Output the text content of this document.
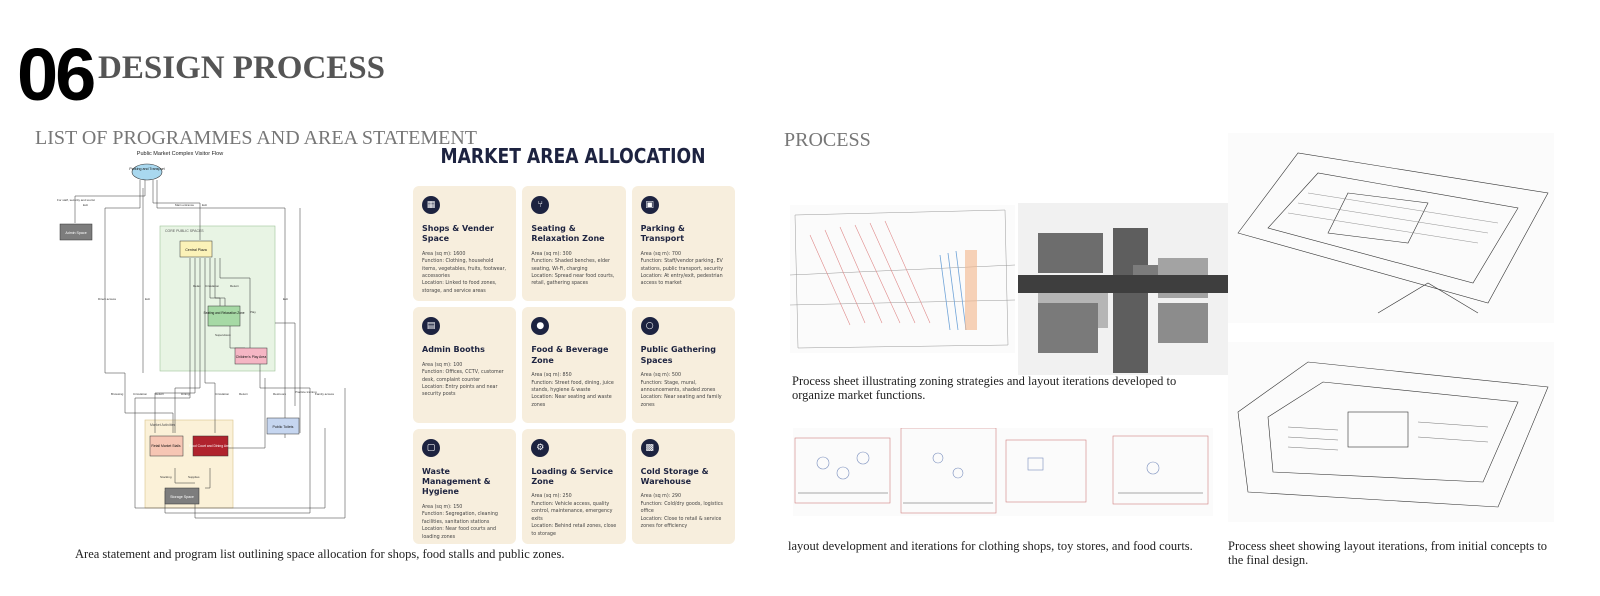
06 DESIGN PROCESS
LIST OF PROGRAMMES AND AREA STATEMENT
Public Market Complex Visitor Flow
CORE PUBLIC SPACES
Market Activities
Parking and Transport
Admin Space
Central Plaza
Seating and Relaxation Zone
Children's Play Area
Retail Market Stalls Food Court and Dining Area
Storage Space
Public Toilets
For staff, security and tourist
Exit	Main entrance	Exit
Direct access	Exit
Relax Circulation	Return
Play
Supervision
Exit
Browsing	Circulation	Return	Dining	Circulation	Return	Restroom	Practice training
Family access
Stocking	Supplies
MARKET AREA ALLOCATION
▦
Shops & Vender Space
Area (sq m): 1600
Function: Clothing, household items, vegetables, fruits, footwear, accessories
Location: Linked to food zones, storage, and service areas
⑂
Seating & Relaxation Zone
Area (sq m): 300
Function: Shaded benches, elder seating, Wi-Fi, charging
Location: Spread near food courts, retail, gathering spaces
▣
Parking & Transport
Area (sq m): 700
Function: Staff/vendor parking, EV stations, public transport, security
Location: At entry/exit, pedestrian access to market
▤
Admin Booths
Area (sq m): 100
Function: Offices, CCTV, customer desk, complaint counter
Location: Entry points and near security posts
●
Food & Beverage Zone
Area (sq m): 850
Function: Street food, dining, juice stands, hygiene & waste
Location: Near seating and waste zones
○
Public Gathering Spaces
Area (sq m): 500
Function: Stage, mural, announcements, shaded zones
Location: Near seating and family zones
▢
Waste Management & Hygiene
Area (sq m): 150
Function: Segregation, cleaning facilities, sanitation stations
Location: Near food courts and loading zones
⚙
Loading & Service Zone
Area (sq m): 250
Function: Vehicle access, quality control, maintenance, emergency exits
Location: Behind retail zones, close to storage
▩
Cold Storage & Warehouse
Area (sq m): 290
Function: Cold/dry goods, logistics office
Location: Close to retail & service zones for efficiency
Area statement and program list outlining space allocation for shops, food stalls and public zones.
PROCESS
Process sheet illustrating zoning strategies and layout iterations developed to organize market functions.
layout development and iterations for clothing shops, toy stores, and food courts.	Process sheet showing layout iterations, from initial concepts to the final design.
